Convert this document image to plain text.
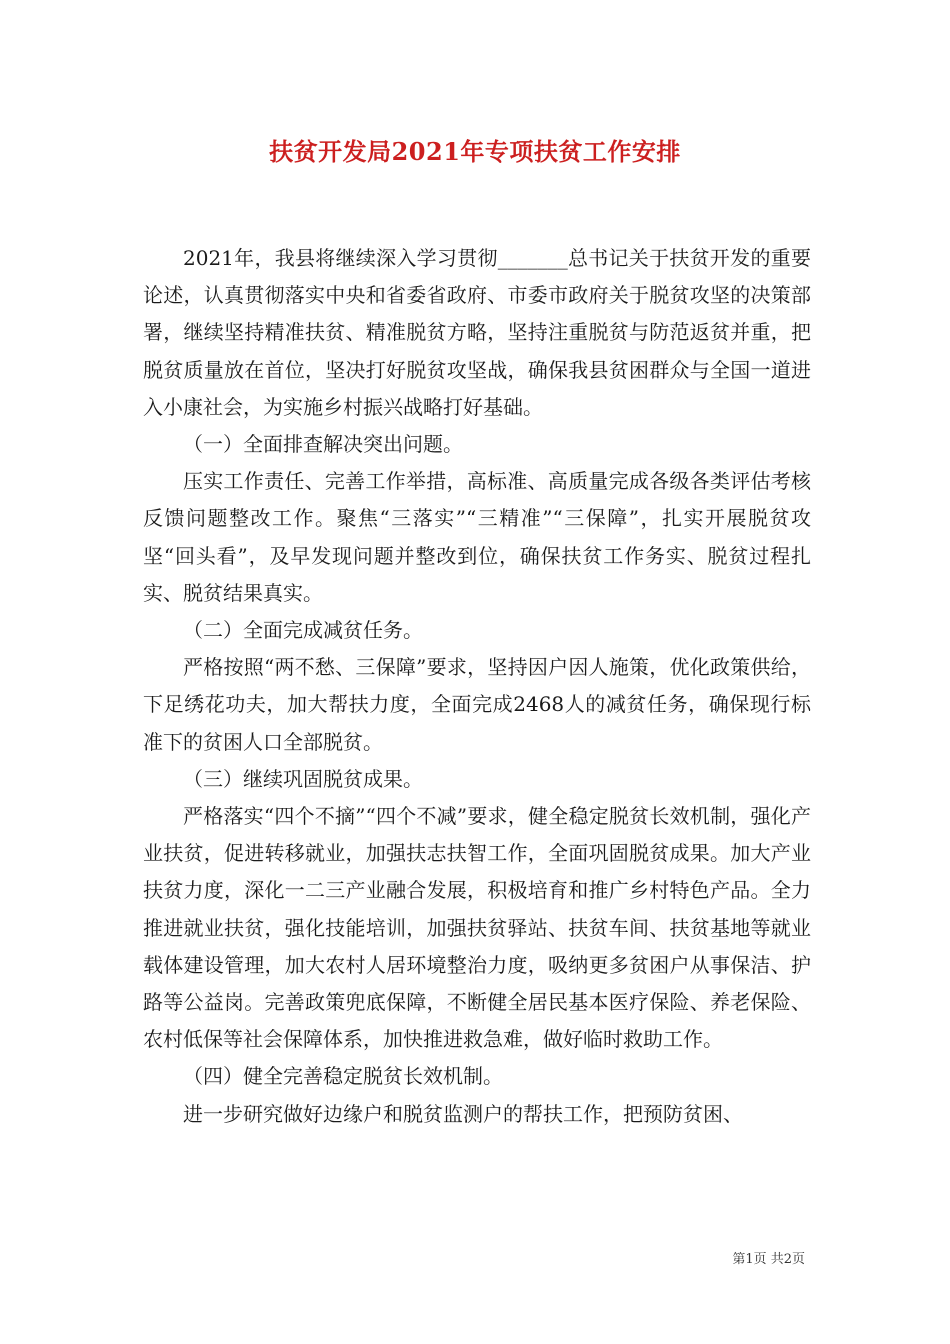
扶贫开发局2021年专项扶贫工作安排

2021年，我县将继续深入学习贯彻_______总书记关于扶贫开发的重要论述，认真贯彻落实中央和省委省政府、市委市政府关于脱贫攻坚的决策部署，继续坚持精准扶贫、精准脱贫方略，坚持注重脱贫与防范返贫并重，把脱贫质量放在首位，坚决打好脱贫攻坚战，确保我县贫困群众与全国一道进入小康社会，为实施乡村振兴战略打好基础。

（一）全面排查解决突出问题。

压实工作责任、完善工作举措，高标准、高质量完成各级各类评估考核反馈问题整改工作。聚焦“三落实”“三精准”“三保障”，扎实开展脱贫攻坚“回头看”，及早发现问题并整改到位，确保扶贫工作务实、脱贫过程扎实、脱贫结果真实。

（二）全面完成减贫任务。

严格按照“两不愁、三保障”要求，坚持因户因人施策，优化政策供给，下足绣花功夫，加大帮扶力度，全面完成2468人的减贫任务，确保现行标准下的贫困人口全部脱贫。

（三）继续巩固脱贫成果。

严格落实“四个不摘”“四个不减”要求，健全稳定脱贫长效机制，强化产业扶贫，促进转移就业，加强扶志扶智工作，全面巩固脱贫成果。加大产业扶贫力度，深化一二三产业融合发展，积极培育和推广乡村特色产品。全力推进就业扶贫，强化技能培训，加强扶贫驿站、扶贫车间、扶贫基地等就业载体建设管理，加大农村人居环境整治力度，吸纳更多贫困户从事保洁、护路等公益岗。完善政策兜底保障，不断健全居民基本医疗保险、养老保险、农村低保等社会保障体系，加快推进救急难，做好临时救助工作。

（四）健全完善稳定脱贫长效机制。

进一步研究做好边缘户和脱贫监测户的帮扶工作，把预防贫困、

第1页 共2页
